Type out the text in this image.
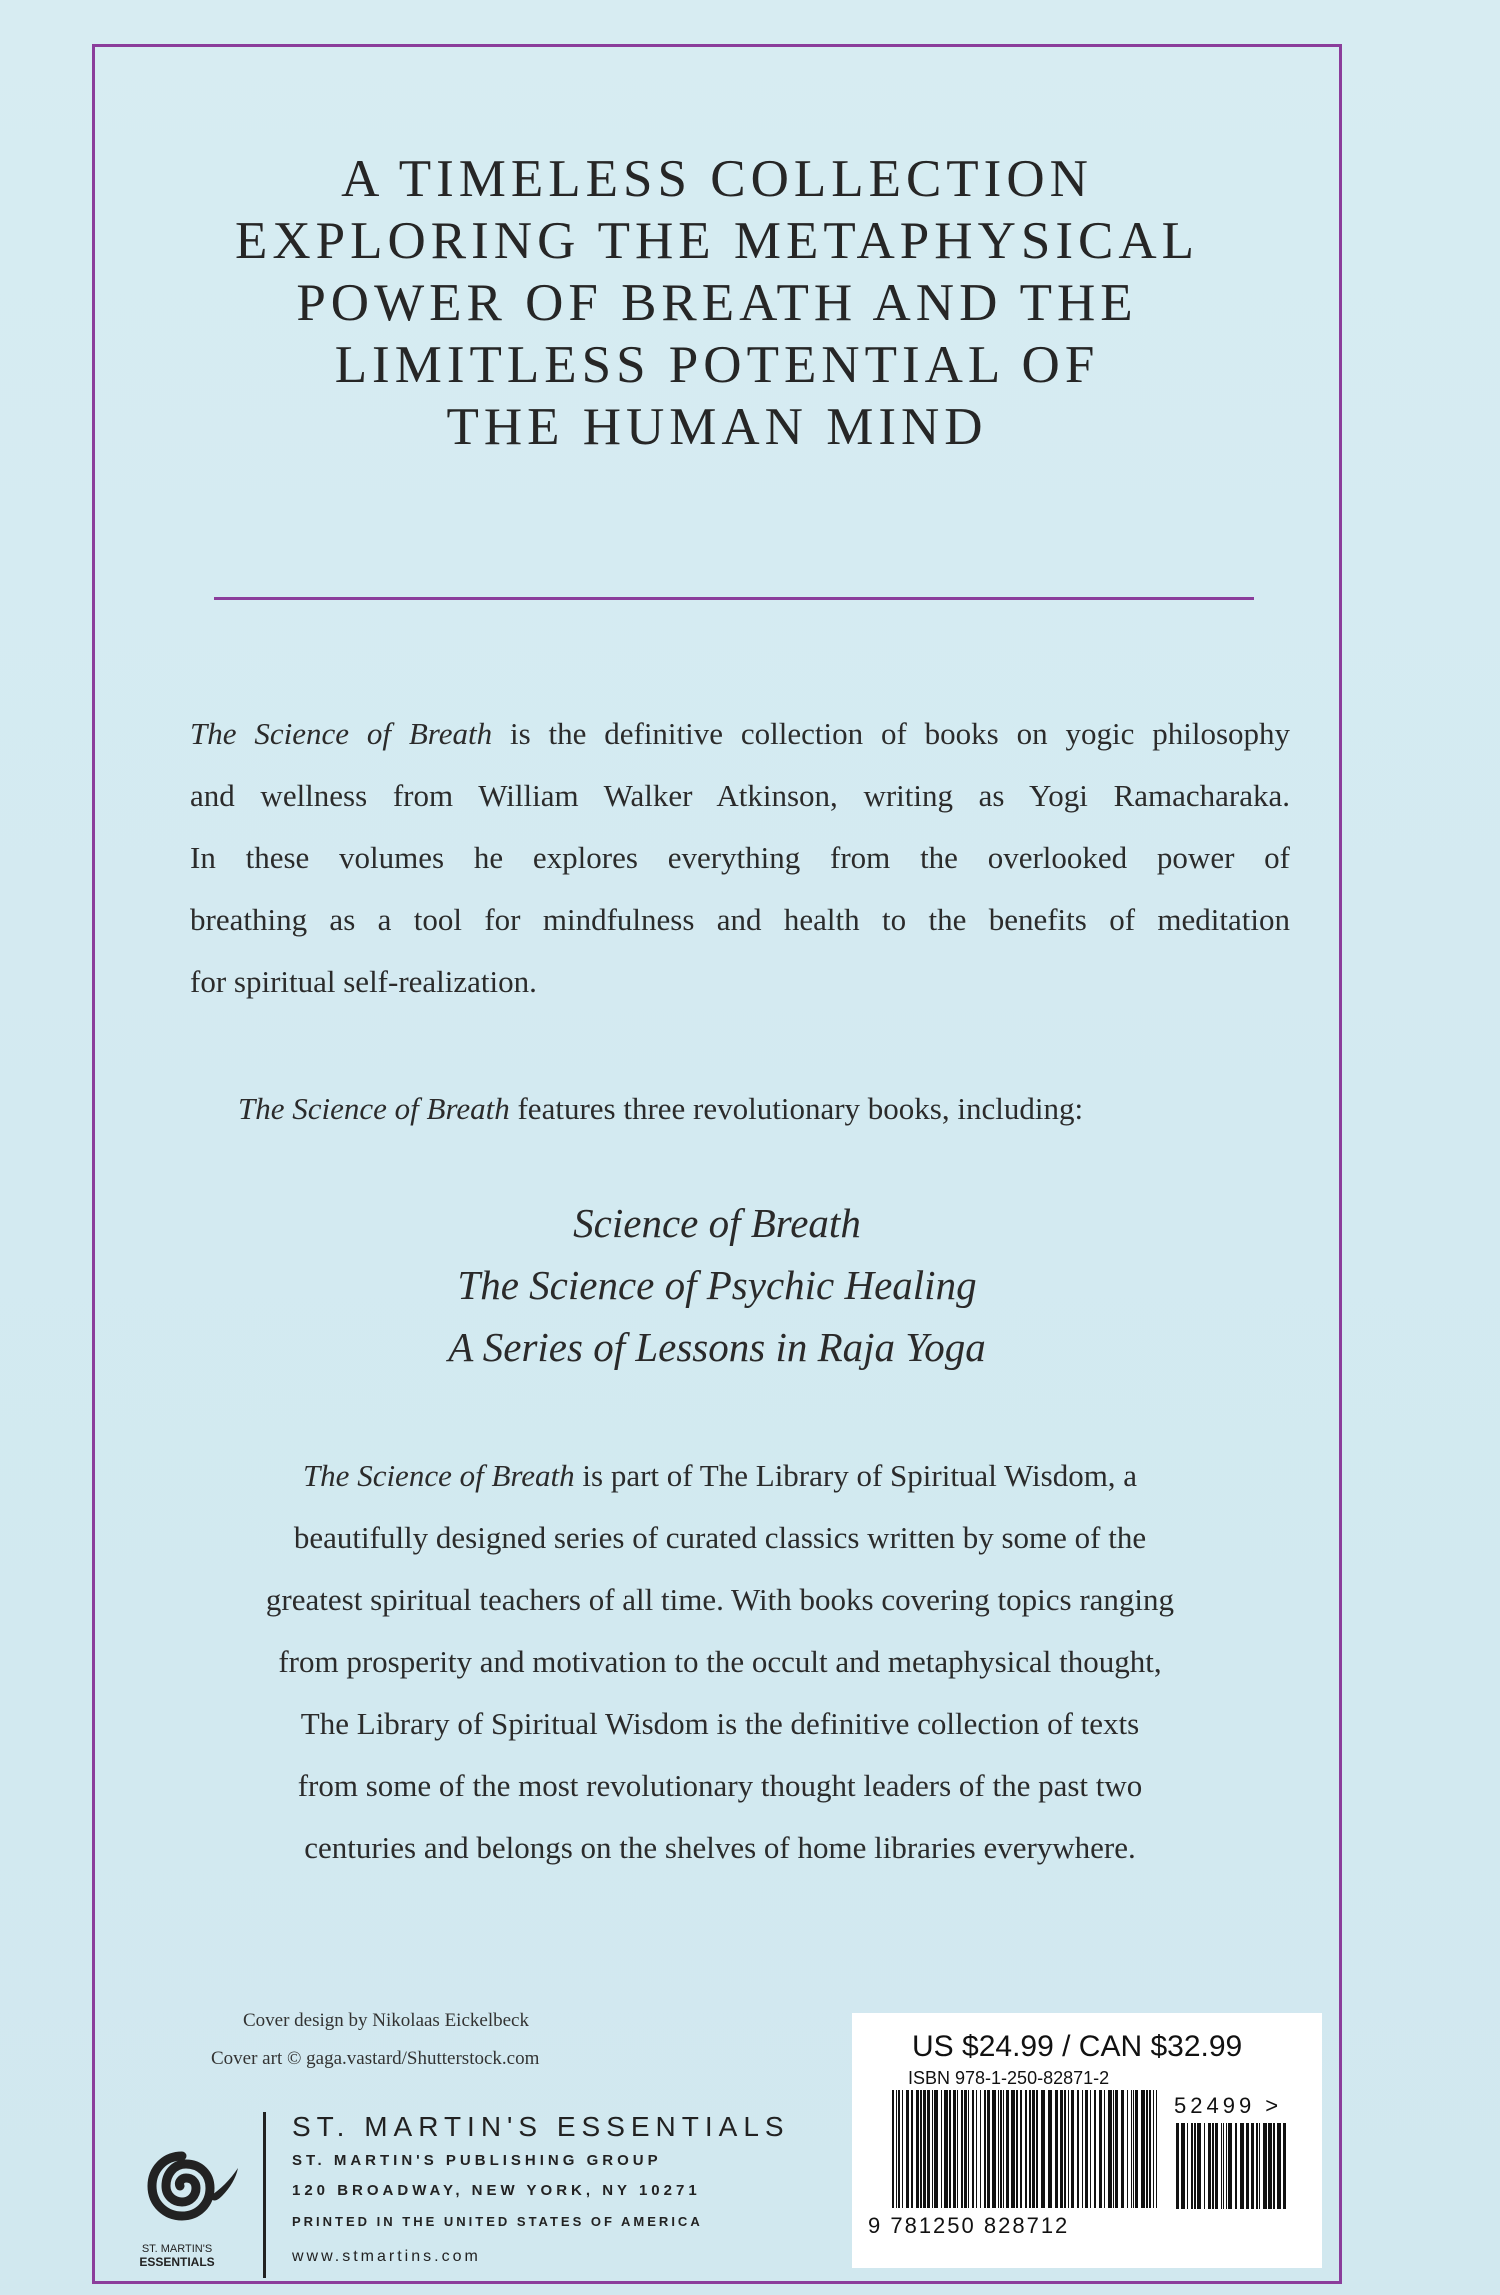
A TIMELESS COLLECTION
EXPLORING THE METAPHYSICAL
POWER OF BREATH AND THE
LIMITLESS POTENTIAL OF
THE HUMAN MIND
The Science of Breath is the definitive collection of books on yogic philosophy
and wellness from William Walker Atkinson, writing as Yogi Ramacharaka.
In these volumes he explores everything from the overlooked power of
breathing as a tool for mindfulness and health to the benefits of meditation
for spiritual self-realization.
The Science of Breath features three revolutionary books, including:
Science of Breath
The Science of Psychic Healing
A Series of Lessons in Raja Yoga
The Science of Breath is part of The Library of Spiritual Wisdom, a
beautifully designed series of curated classics written by some of the
greatest spiritual teachers of all time. With books covering topics ranging
from prosperity and motivation to the occult and metaphysical thought,
The Library of Spiritual Wisdom is the definitive collection of texts
from some of the most revolutionary thought leaders of the past two
centuries and belongs on the shelves of home libraries everywhere.
Cover design by Nikolaas Eickelbeck
Cover art © gaga.vastard/Shutterstock.com
ST. MARTIN'S
ESSENTIALS
ST. MARTIN'S ESSENTIALS
ST. MARTIN'S PUBLISHING GROUP
120 BROADWAY, NEW YORK, NY 10271
PRINTED IN THE UNITED STATES OF AMERICA
www.stmartins.com
US $24.99 / CAN $32.99
ISBN 978-1-250-82871-2
52499 >
9 781250 828712
